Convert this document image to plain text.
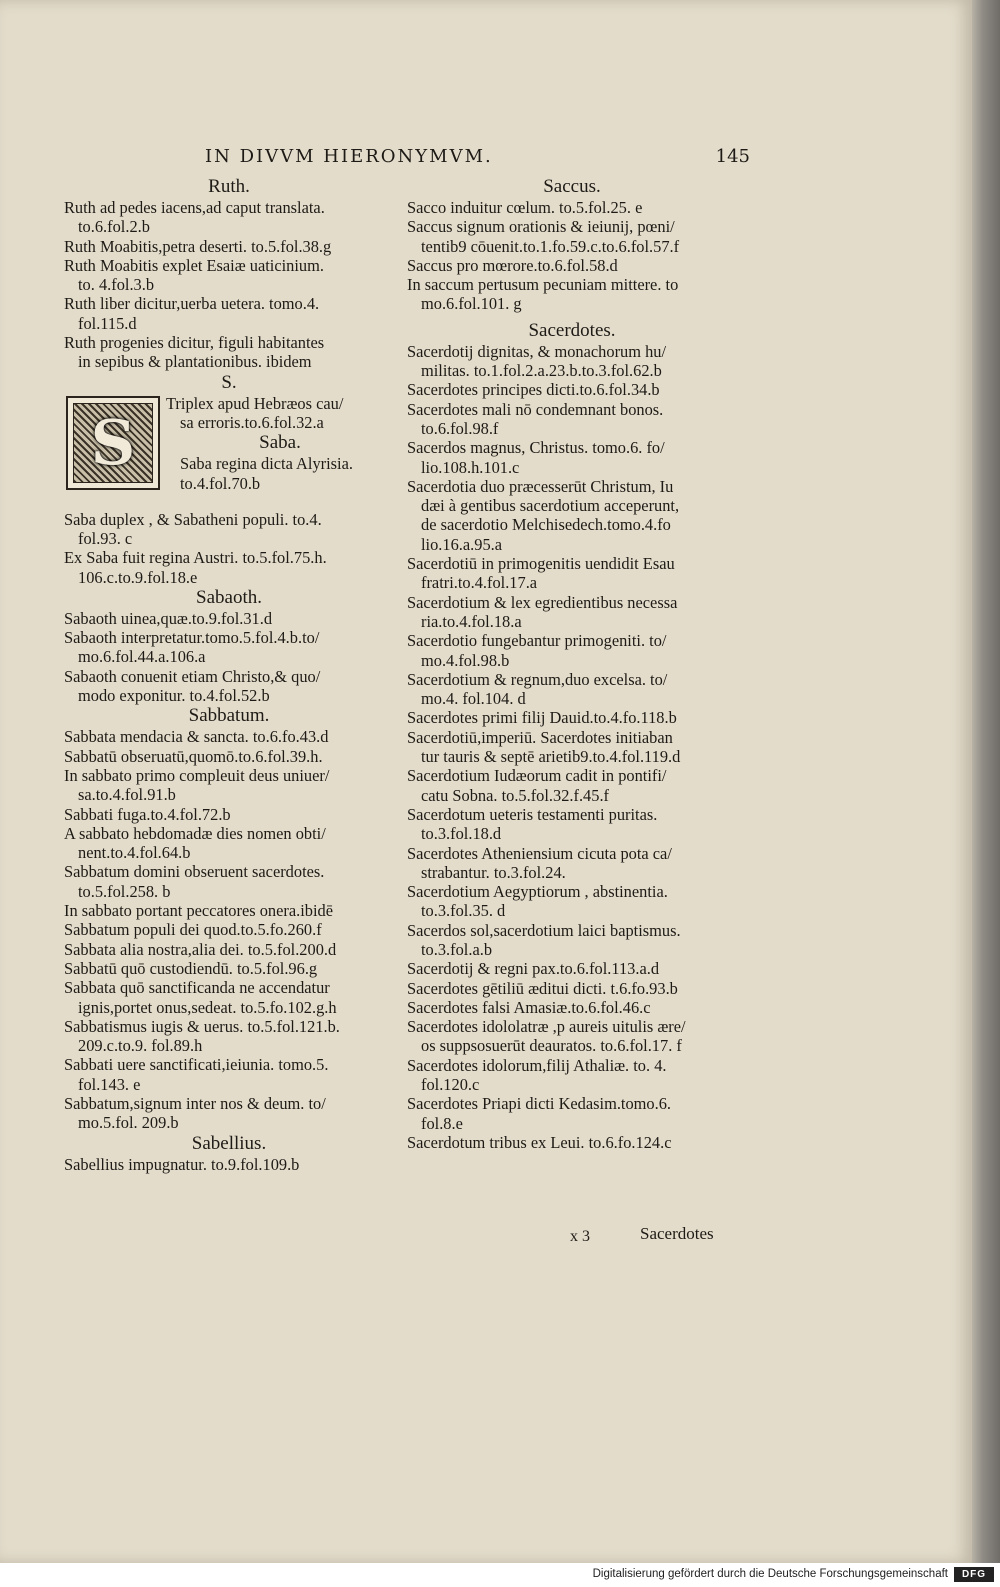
IN DIVVM HIERONYMVM.	145

Ruth.

Ruth ad pedes iacens,ad caput translata.
to.6.fol.2.b

Ruth Moabitis,petra deserti. to.5.fol.38.g

Ruth Moabitis explet Esaiæ uaticinium.
to. 4.fol.3.b

Ruth liber dicitur,uerba uetera. tomo.4.
fol.115.d

Ruth progenies dicitur, figuli habitantes
in sepibus & plantationibus. ibidem

S.

S

Triplex apud Hebræos cau/
sa erroris.to.6.fol.32.a

Saba.

Saba regina dicta Alyrisia.
to.4.fol.70.b

Saba duplex , & Sabatheni populi. to.4.
fol.93. c

Ex Saba fuit regina Austri. to.5.fol.75.h.
106.c.to.9.fol.18.e

Sabaoth.

Sabaoth uinea,quæ.to.9.fol.31.d

Sabaoth interpretatur.tomo.5.fol.4.b.to/
mo.6.fol.44.a.106.a

Sabaoth conuenit etiam Christo,& quo/
modo exponitur. to.4.fol.52.b

Sabbatum.

Sabbata mendacia & sancta. to.6.fo.43.d

Sabbatū obseruatū,quomō.to.6.fol.39.h.

In sabbato primo compleuit deus uniuer/
sa.to.4.fol.91.b

Sabbati fuga.to.4.fol.72.b

A sabbato hebdomadæ dies nomen obti/
nent.to.4.fol.64.b

Sabbatum domini obseruent sacerdotes.
to.5.fol.258. b

In sabbato portant peccatores onera.ibidē

Sabbatum populi dei quod.to.5.fo.260.f

Sabbata alia nostra,alia dei. to.5.fol.200.d

Sabbatū quō custodiendū. to.5.fol.96.g

Sabbata quō sanctificanda ne accendatur
ignis,portet onus,sedeat. to.5.fo.102.g.h

Sabbatismus iugis & uerus. to.5.fol.121.b.
209.c.to.9. fol.89.h

Sabbati uere sanctificati,ieiunia. tomo.5.
fol.143. e

Sabbatum,signum inter nos & deum. to/
mo.5.fol. 209.b

Sabellius.

Sabellius impugnatur. to.9.fol.109.b

Saccus.

Sacco induitur cœlum. to.5.fol.25. e

Saccus signum orationis & ieiunij, pœni/
tentib9 cōuenit.to.1.fo.59.c.to.6.fol.57.f

Saccus pro mœrore.to.6.fol.58.d

In saccum pertusum pecuniam mittere. to
mo.6.fol.101. g

Sacerdotes.

Sacerdotij dignitas, & monachorum hu/
militas. to.1.fol.2.a.23.b.to.3.fol.62.b

Sacerdotes principes dicti.to.6.fol.34.b

Sacerdotes mali nō condemnant bonos.
to.6.fol.98.f

Sacerdos magnus, Christus. tomo.6. fo/
lio.108.h.101.c

Sacerdotia duo præcesserūt Christum, Iu
dæi à gentibus sacerdotium acceperunt,
de sacerdotio Melchisedech.tomo.4.fo
lio.16.a.95.a

Sacerdotiū in primogenitis uendidit Esau
fratri.to.4.fol.17.a

Sacerdotium & lex egredientibus necessa
ria.to.4.fol.18.a

Sacerdotio fungebantur primogeniti. to/
mo.4.fol.98.b

Sacerdotium & regnum,duo excelsa. to/
mo.4. fol.104. d

Sacerdotes primi filij Dauid.to.4.fo.118.b

Sacerdotiū,imperiū. Sacerdotes initiaban
tur tauris & septē arietib9.to.4.fol.119.d

Sacerdotium Iudæorum cadit in pontifi/
catu Sobna. to.5.fol.32.f.45.f

Sacerdotum ueteris testamenti puritas.
to.3.fol.18.d

Sacerdotes Atheniensium cicuta pota ca/
strabantur. to.3.fol.24.

Sacerdotium Aegyptiorum , abstinentia.
to.3.fol.35. d

Sacerdos sol,sacerdotium laici baptismus.
to.3.fol.a.b

Sacerdotij & regni pax.to.6.fol.113.a.d

Sacerdotes gētiliū æditui dicti. t.6.fo.93.b

Sacerdotes falsi Amasiæ.to.6.fol.46.c

Sacerdotes idololatræ ,p aureis uitulis ære/
os suppsosuerūt deauratos. to.6.fol.17. f

Sacerdotes idolorum,filij Athaliæ. to. 4.
fol.120.c

Sacerdotes Priapi dicti Kedasim.tomo.6.
fol.8.e

Sacerdotum tribus ex Leui. to.6.fo.124.c

x 3	Sacerdotes
Digitalisierung gefördert durch die Deutsche Forschungsgemeinschaft	DFG
